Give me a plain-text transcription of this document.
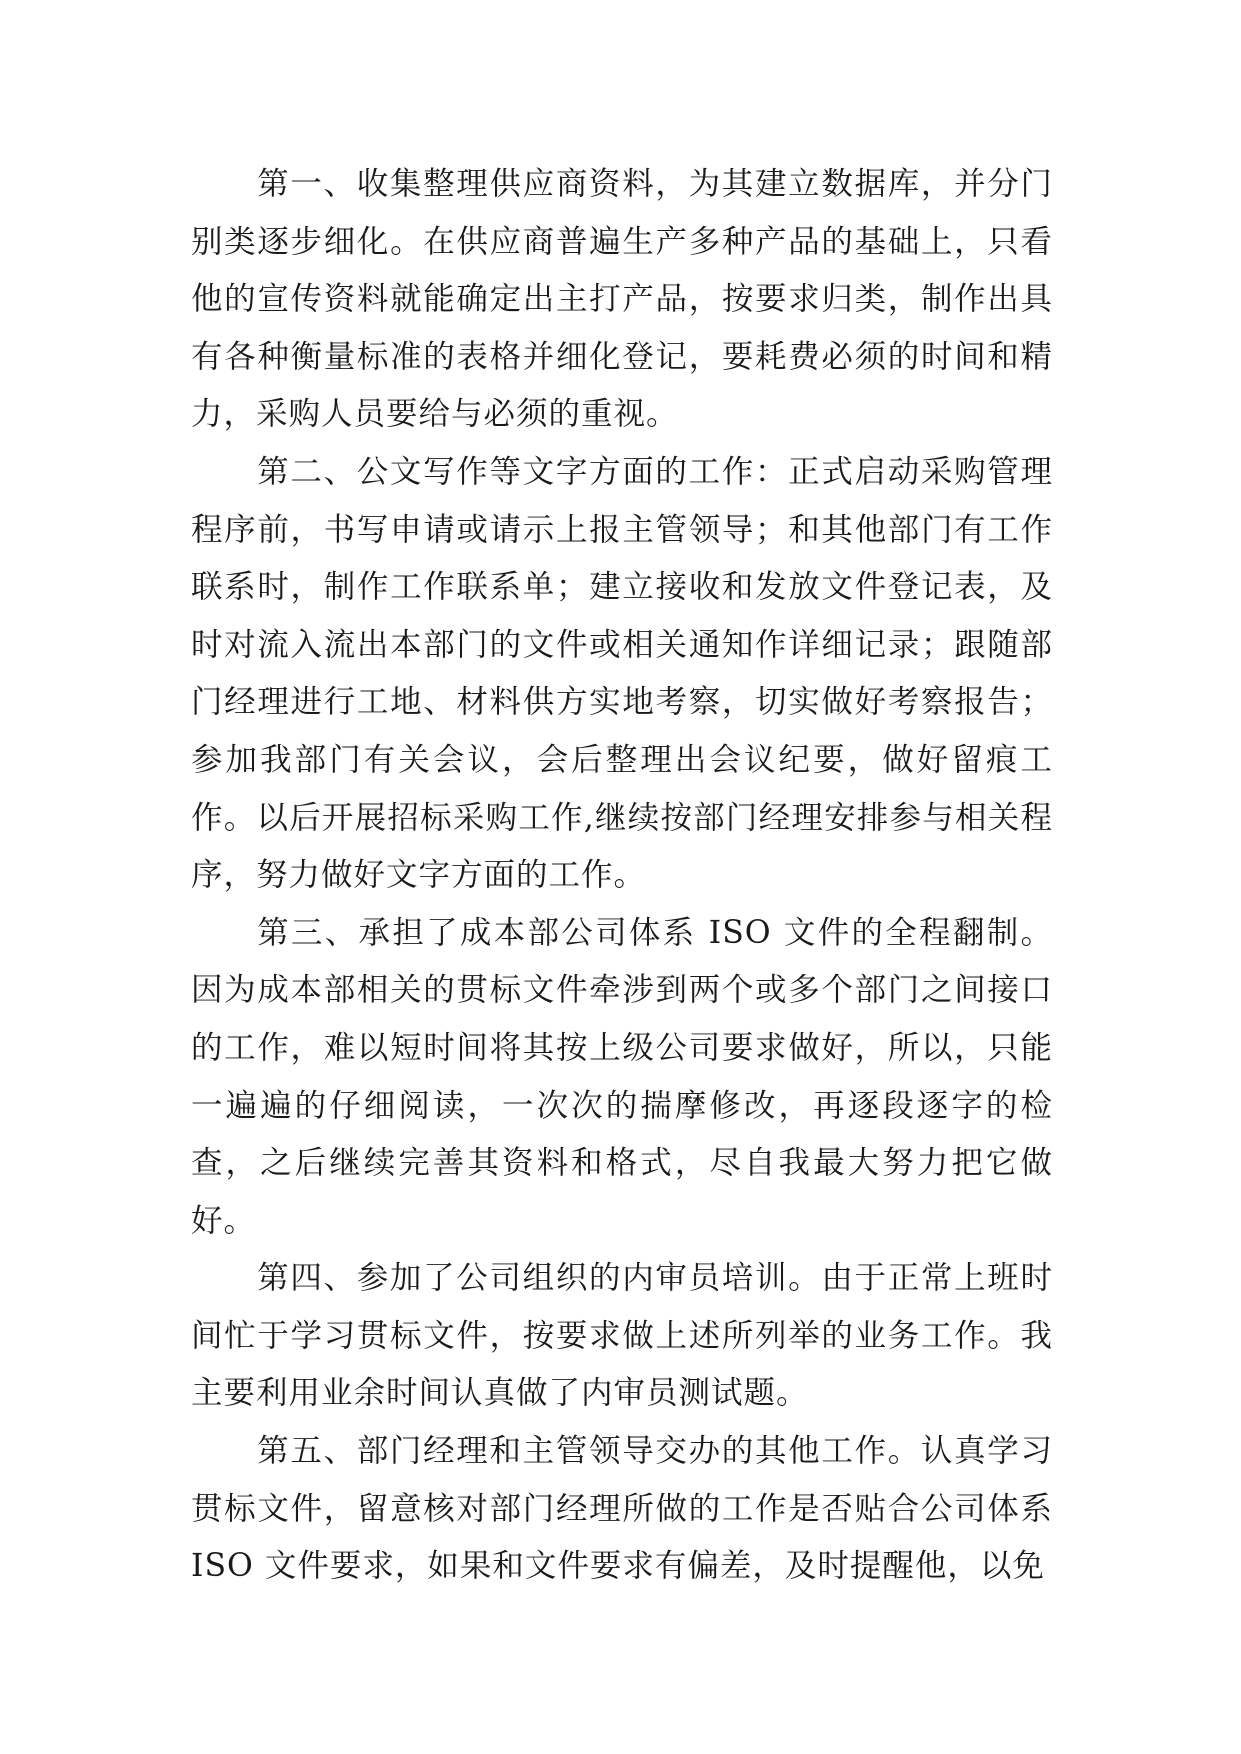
第一、收集整理供应商资料，为其建立数据库，并分门别类逐步细化。在供应商普遍生产多种产品的基础上，只看他的宣传资料就能确定出主打产品，按要求归类，制作出具有各种衡量标准的表格并细化登记，要耗费必须的时间和精力，采购人员要给与必须的重视。

第二、公文写作等文字方面的工作：正式启动采购管理程序前，书写申请或请示上报主管领导；和其他部门有工作联系时，制作工作联系单；建立接收和发放文件登记表，及时对流入流出本部门的文件或相关通知作详细记录；跟随部门经理进行工地、材料供方实地考察，切实做好考察报告；参加我部门有关会议，会后整理出会议纪要，做好留痕工作。以后开展招标采购工作,继续按部门经理安排参与相关程序，努力做好文字方面的工作。

第三、承担了成本部公司体系 ISO 文件的全程翻制。因为成本部相关的贯标文件牵涉到两个或多个部门之间接口的工作，难以短时间将其按上级公司要求做好，所以，只能一遍遍的仔细阅读，一次次的揣摩修改，再逐段逐字的检查，之后继续完善其资料和格式，尽自我最大努力把它做好。

第四、参加了公司组织的内审员培训。由于正常上班时间忙于学习贯标文件，按要求做上述所列举的业务工作。我主要利用业余时间认真做了内审员测试题。

第五、部门经理和主管领导交办的其他工作。认真学习贯标文件，留意核对部门经理所做的工作是否贴合公司体系 ISO 文件要求，如果和文件要求有偏差，及时提醒他，以免
